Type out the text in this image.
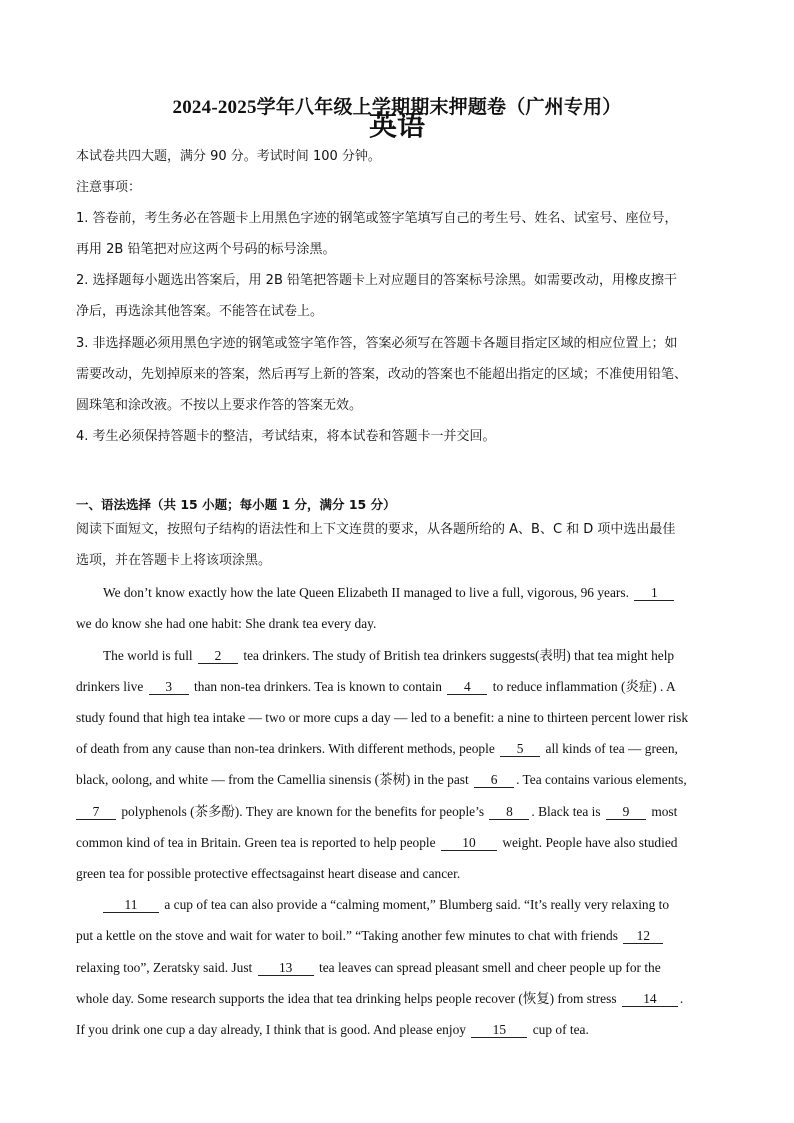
2024-2025学年八年级上学期期末押题卷（广州专用）
英语
本试卷共四大题，满分 90 分。考试时间 100 分钟。
注意事项：
1. 答卷前，考生务必在答题卡上用黑色字迹的钢笔或签字笔填写自己的考生号、姓名、试室号、座位号，
再用 2B 铅笔把对应这两个号码的标号涂黑。
2. 选择题每小题选出答案后，用 2B 铅笔把答题卡上对应题目的答案标号涂黑。如需要改动，用橡皮擦干
净后，再选涂其他答案。不能答在试卷上。
3. 非选择题必须用黑色字迹的钢笔或签字笔作答，答案必须写在答题卡各题目指定区域的相应位置上；如
需要改动，先划掉原来的答案，然后再写上新的答案，改动的答案也不能超出指定的区域；不准使用铅笔、
圆珠笔和涂改液。不按以上要求作答的答案无效。
4. 考生必须保持答题卡的整洁，考试结束，将本试卷和答题卡一并交回。
一、语法选择（共 15 小题；每小题 1 分，满分 15 分）
阅读下面短文，按照句子结构的语法性和上下文连贯的要求，从各题所给的 A、B、C 和 D 项中选出最佳
选项，并在答题卡上将该项涂黑。
We don’t know exactly how the late Queen Elizabeth II managed to live a full, vigorous, 96 years. 1
we do know she had one habit: She drank tea every day.
The world is full 2 tea drinkers. The study of British tea drinkers suggests(表明) that tea might help
drinkers live 3 than non-tea drinkers. Tea is known to contain 4 to reduce inflammation (炎症) . A
study found that high tea intake — two or more cups a day — led to a benefit: a nine to thirteen percent lower risk
of death from any cause than non-tea drinkers. With different methods, people 5 all kinds of tea — green,
black, oolong, and white — from the Camellia sinensis (茶树) in the past 6 . Tea contains various elements,
7 polyphenols (茶多酚). They are known for the benefits for people’s 8 . Black tea is 9 most
common kind of tea in Britain. Green tea is reported to help people 10 weight. People have also studied
green tea for possible protective effectsagainst heart disease and cancer.
11 a cup of tea can also provide a “calming moment,” Blumberg said. “It’s really very relaxing to
put a kettle on the stove and wait for water to boil.” “Taking another few minutes to chat with friends 12
relaxing too”, Zeratsky said. Just 13 tea leaves can spread pleasant smell and cheer people up for the
whole day. Some research supports the idea that tea drinking helps people recover (恢复) from stress 14 .
If you drink one cup a day already, I think that is good. And please enjoy 15 cup of tea.
